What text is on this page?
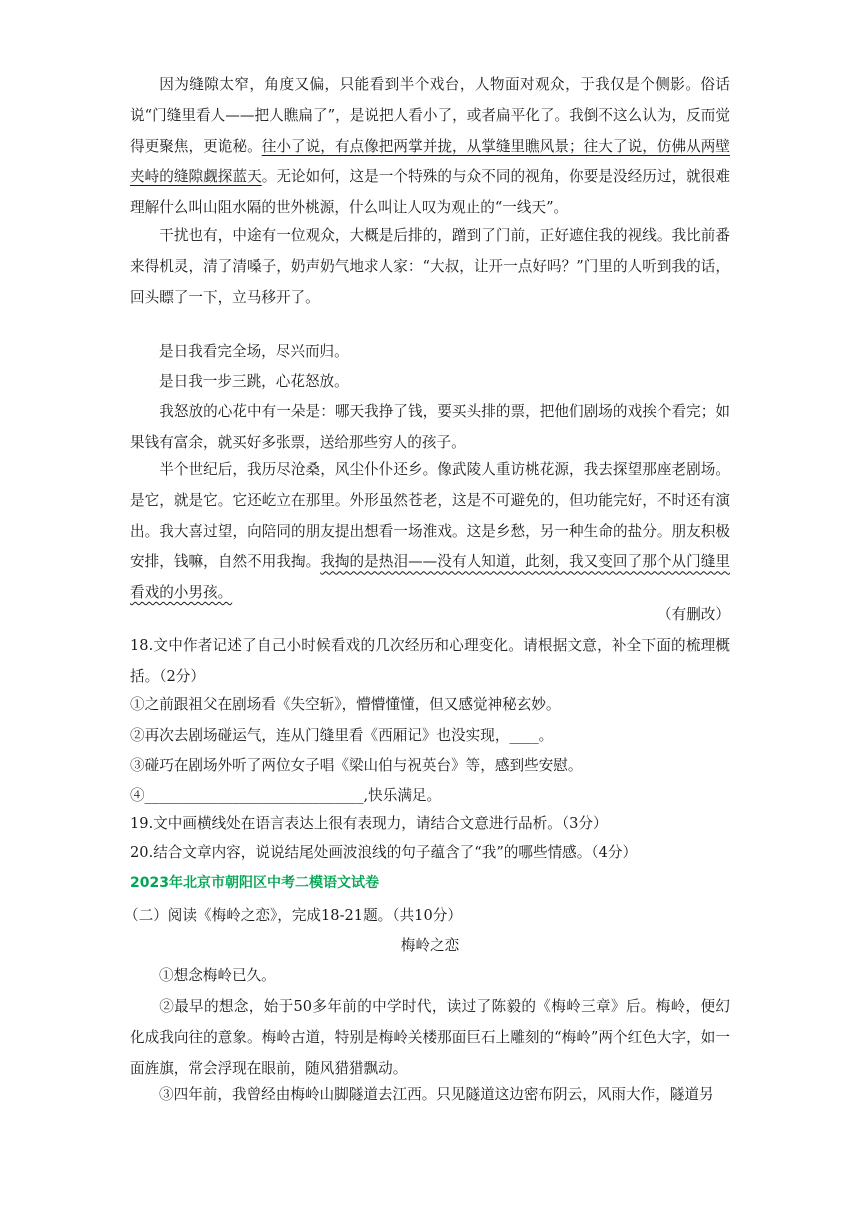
因为缝隙太窄，角度又偏，只能看到半个戏台，人物面对观众，于我仅是个侧影。俗话说“门缝里看人——把人瞧扁了”，是说把人看小了，或者扁平化了。我倒不这么认为，反而觉得更聚焦，更诡秘。往小了说，有点像把两掌并拢，从掌缝里瞧风景；往大了说，仿佛从两壁夹峙的缝隙觑探蓝天。无论如何，这是一个特殊的与众不同的视角，你要是没经历过，就很难理解什么叫山阻水隔的世外桃源，什么叫让人叹为观止的“一线天”。

干扰也有，中途有一位观众，大概是后排的，蹭到了门前，正好遮住我的视线。我比前番来得机灵，清了清嗓子，奶声奶气地求人家：“大叔，让开一点好吗？”门里的人听到我的话，回头瞟了一下，立马移开了。

是日我看完全场，尽兴而归。

是日我一步三跳，心花怒放。

我怒放的心花中有一朵是：哪天我挣了钱，要买头排的票，把他们剧场的戏挨个看完；如果钱有富余，就买好多张票，送给那些穷人的孩子。

半个世纪后，我历尽沧桑，风尘仆仆还乡。像武陵人重访桃花源，我去探望那座老剧场。是它，就是它。它还屹立在那里。外形虽然苍老，这是不可避免的，但功能完好，不时还有演出。我大喜过望，向陪同的朋友提出想看一场淮戏。这是乡愁，另一种生命的盐分。朋友积极安排，钱嘛，自然不用我掏。我掏的是热泪——没有人知道，此刻，我又变回了那个从门缝里看戏的小男孩。

（有删改）

18.文中作者记述了自己小时候看戏的几次经历和心理变化。请根据文意，补全下面的梳理概括。（2分）

①之前跟祖父在剧场看《失空斩》，懵懵懂懂，但又感觉神秘玄妙。

②再次去剧场碰运气，连从门缝里看《西厢记》也没实现，____。

③碰巧在剧场外听了两位女子唱《梁山伯与祝英台》等，感到些安慰。

④______________________________,快乐满足。

19.文中画横线处在语言表达上很有表现力，请结合文意进行品析。（3分）

20.结合文章内容，说说结尾处画波浪线的句子蕴含了“我”的哪些情感。（4分）

2023年北京市朝阳区中考二模语文试卷

（二）阅读《梅岭之恋》，完成18-21题。（共10分）

梅岭之恋

①想念梅岭已久。

②最早的想念，始于50多年前的中学时代，读过了陈毅的《梅岭三章》后。梅岭，便幻化成我向往的意象。梅岭古道，特别是梅岭关楼那面巨石上雕刻的“梅岭”两个红色大字，如一面旌旗，常会浮现在眼前，随风猎猎飘动。

③四年前，我曾经由梅岭山脚隧道去江西。只见隧道这边密布阴云，风雨大作，隧道另
